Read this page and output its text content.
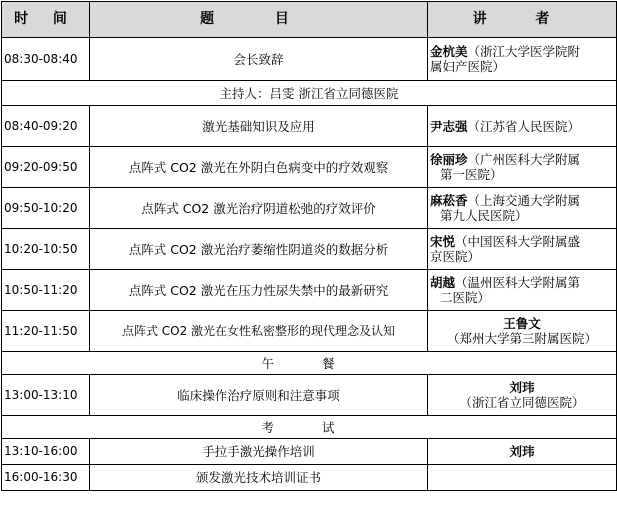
时 间	题 目	讲 者
08:30-08:40	会长致辞	金杭美（浙江大学医学院附
属妇产医院）
主持人：吕雯 浙江省立同德医院		
08:40-09:20	激光基础知识及应用	尹志强（江苏省人民医院）
09:20-09:50	点阵式 CO2 激光在外阴白色病变中的疗效观察	徐丽珍（广州医科大学附属
第一医院）
09:50-10:20	点阵式 CO2 激光治疗阴道松弛的疗效评价	麻菘香（上海交通大学附属
第九人民医院）
10:20-10:50	点阵式 CO2 激光治疗萎缩性阴道炎的数据分析	宋悦（中国医科大学附属盛
京医院）
10:50-11:20	点阵式 CO2 激光在压力性尿失禁中的最新研究	胡越（温州医科大学附属第
二医院）
11:20-11:50	点阵式 CO2 激光在女性私密整形的现代理念及认知	王鲁文
（郑州大学第三附属医院）
午 餐		
13:00-13:10	临床操作治疗原则和注意事项	刘玮
（浙江省立同德医院）
考 试		
13:10-16:00	手拉手激光操作培训	刘玮
16:00-16:30	颁发激光技术培训证书	
